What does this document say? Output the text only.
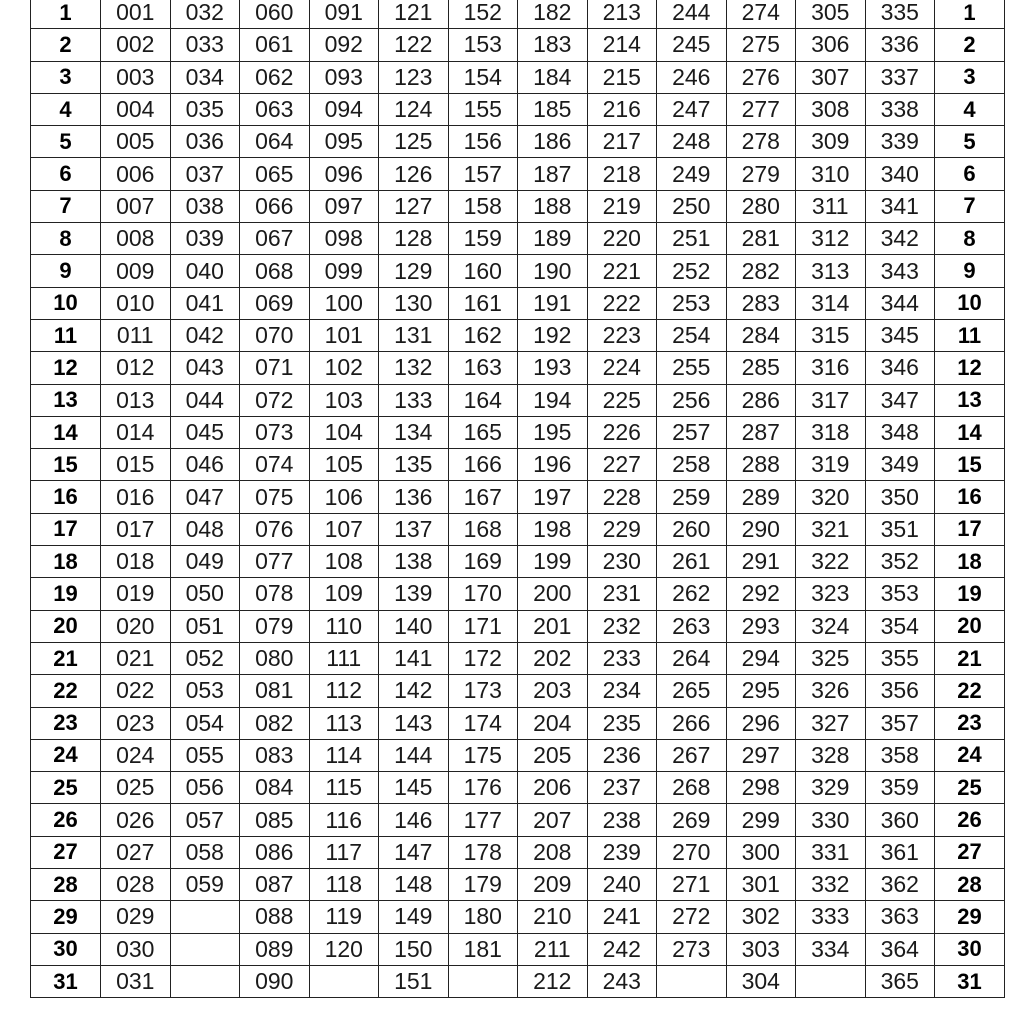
1	001	032	060	091	121	152	182	213	244	274	305	335	1
2	002	033	061	092	122	153	183	214	245	275	306	336	2
3	003	034	062	093	123	154	184	215	246	276	307	337	3
4	004	035	063	094	124	155	185	216	247	277	308	338	4
5	005	036	064	095	125	156	186	217	248	278	309	339	5
6	006	037	065	096	126	157	187	218	249	279	310	340	6
7	007	038	066	097	127	158	188	219	250	280	311	341	7
8	008	039	067	098	128	159	189	220	251	281	312	342	8
9	009	040	068	099	129	160	190	221	252	282	313	343	9
10	010	041	069	100	130	161	191	222	253	283	314	344	10
11	011	042	070	101	131	162	192	223	254	284	315	345	11
12	012	043	071	102	132	163	193	224	255	285	316	346	12
13	013	044	072	103	133	164	194	225	256	286	317	347	13
14	014	045	073	104	134	165	195	226	257	287	318	348	14
15	015	046	074	105	135	166	196	227	258	288	319	349	15
16	016	047	075	106	136	167	197	228	259	289	320	350	16
17	017	048	076	107	137	168	198	229	260	290	321	351	17
18	018	049	077	108	138	169	199	230	261	291	322	352	18
19	019	050	078	109	139	170	200	231	262	292	323	353	19
20	020	051	079	110	140	171	201	232	263	293	324	354	20
21	021	052	080	111	141	172	202	233	264	294	325	355	21
22	022	053	081	112	142	173	203	234	265	295	326	356	22
23	023	054	082	113	143	174	204	235	266	296	327	357	23
24	024	055	083	114	144	175	205	236	267	297	328	358	24
25	025	056	084	115	145	176	206	237	268	298	329	359	25
26	026	057	085	116	146	177	207	238	269	299	330	360	26
27	027	058	086	117	147	178	208	239	270	300	331	361	27
28	028	059	087	118	148	179	209	240	271	301	332	362	28
29	029		088	119	149	180	210	241	272	302	333	363	29
30	030		089	120	150	181	211	242	273	303	334	364	30
31	031		090		151		212	243		304		365	31
